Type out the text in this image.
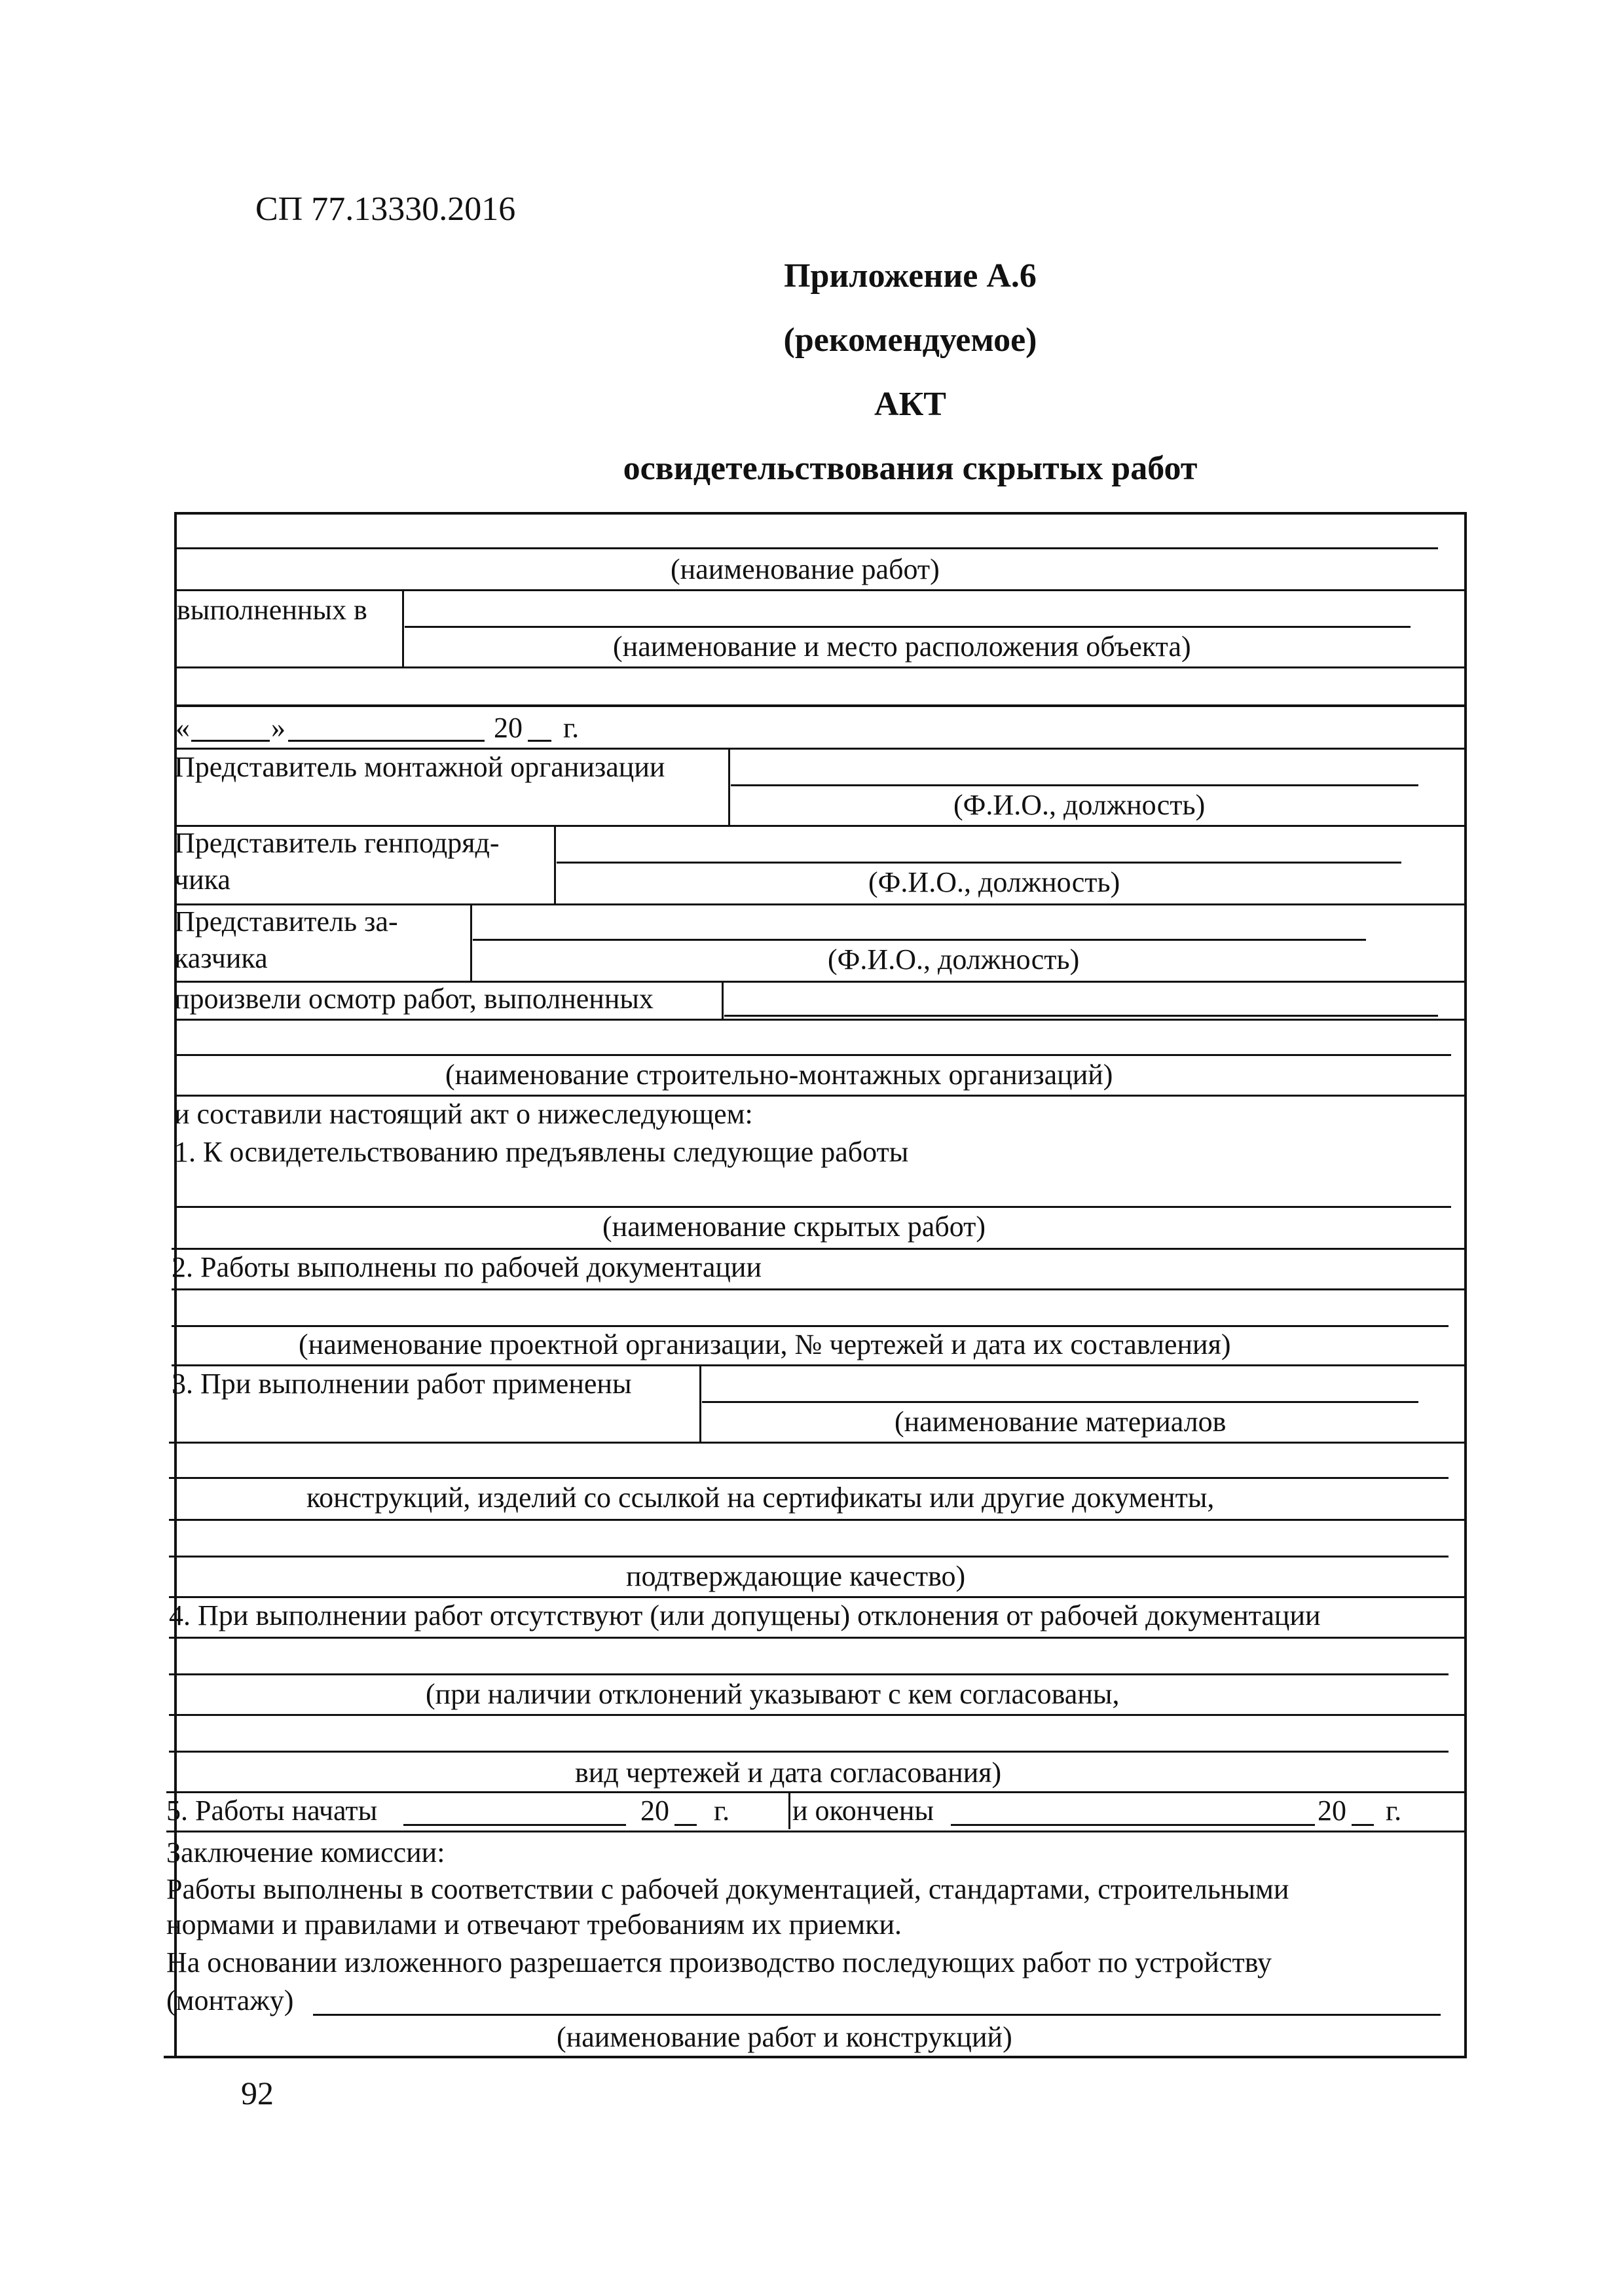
СП 77.13330.2016
Приложение А.6
(рекомендуемое)
АКТ
освидетельствования скрытых работ
(наименование работ)
выполненных в
(наименование и место расположения объекта)
«	»	20 г.
Представитель монтажной организации
(Ф.И.О., должность)
Представитель генподряд-
чика	(Ф.И.О., должность)
Представитель за-
казчика	(Ф.И.О., должность)
произвели осмотр работ, выполненных
(наименование строительно-монтажных организаций)
и составили настоящий акт о нижеследующем:
1. К освидетельствованию предъявлены следующие работы
(наименование скрытых работ)
2. Работы выполнены по рабочей документации
(наименование проектной организации, № чертежей и дата их составления)
3. При выполнении работ применены
(наименование материалов
конструкций, изделий со ссылкой на сертификаты или другие документы,
подтверждающие качество)
4. При выполнении работ отсутствуют (или допущены) отклонения от рабочей документации
(при наличии отклонений указывают с кем согласованы,
вид чертежей и дата согласования)
5. Работы начаты	20 г. и окончены	20 г.
Заключение комиссии:
Работы выполнены в соответствии с рабочей документацией, стандартами, строительными
нормами и правилами и отвечают требованиям их приемки.
На основании изложенного разрешается производство последующих работ по устройству
(монтажу)
(наименование работ и конструкций)
92
